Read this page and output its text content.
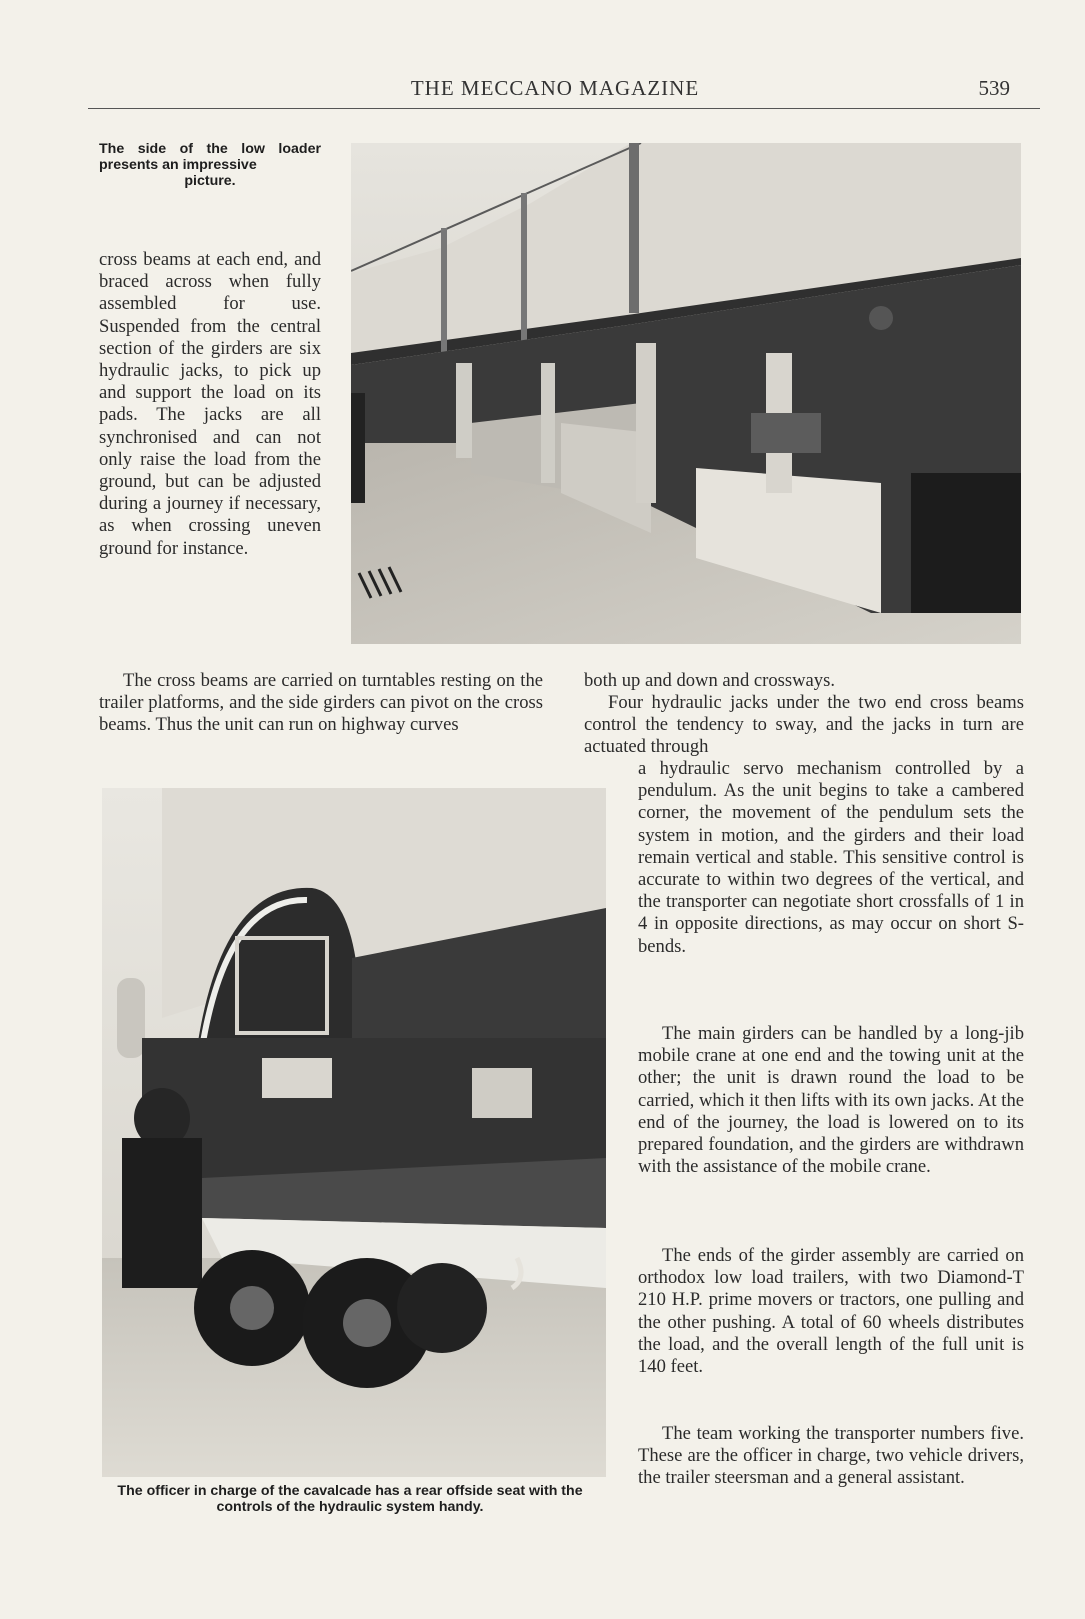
THE MECCANO MAGAZINE	539
The side of the low loader presents an impressive
picture.
cross beams at each end, and braced across when fully assembled for use. Suspended from the central section of the girders are six hydraulic jacks, to pick up and support the load on its pads. The jacks are all synchronised and can not only raise the load from the ground, but can be adjusted during a journey if necessary, as when crossing uneven ground for instance.
The cross beams are carried on turntables resting on the trailer platforms, and the side girders can pivot on the cross beams. Thus the unit can run on highway curves
both up and down and crossways.
Four hydraulic jacks under the two end cross beams control the tendency to sway, and the jacks in turn are actuated through
a hydraulic servo mechanism controlled by a pendulum. As the unit begins to take a cambered corner, the movement of the pendulum sets the system in motion, and the girders and their load remain vertical and stable. This sensitive control is accurate to within two degrees of the vertical, and the transporter can negotiate short crossfalls of 1 in 4 in opposite directions, as may occur on short S-bends.
The main girders can be handled by a long-jib mobile crane at one end and the towing unit at the other; the unit is drawn round the load to be carried, which it then lifts with its own jacks. At the end of the journey, the load is lowered on to its prepared foundation, and the girders are withdrawn with the assistance of the mobile crane.
The ends of the girder assembly are carried on orthodox low load trailers, with two Diamond-T 210 H.P. prime movers or tractors, one pulling and the other pushing. A total of 60 wheels distributes the load, and the overall length of the full unit is 140 feet.
The team working the transporter numbers five. These are the officer in charge, two vehicle drivers, the trailer steersman and a general assistant.
The officer in charge of the cavalcade has a rear offside seat with the controls of the hydraulic system handy.
